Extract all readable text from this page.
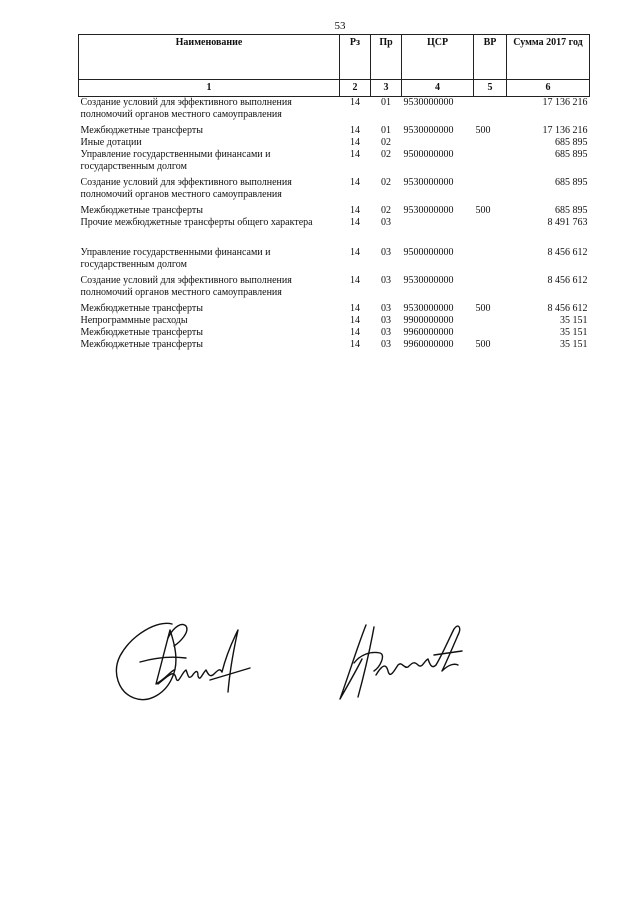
53
Наименование	Рз	Пр	ЦСР	ВР	Сумма 2017 год
1	2	3	4	5	6
Создание условий для эффективного выполнения полномочий органов местного самоуправления	14	01	9530000000		17 136 216

Межбюджетные трансферты	14	01	9530000000	500	17 136 216
Иные дотации	14	02			685 895
Управление государственными финансами и государственным долгом	14	02	9500000000		685 895

Создание условий для эффективного выполнения полномочий органов местного самоуправления	14	02	9530000000		685 895

Межбюджетные трансферты	14	02	9530000000	500	685 895
Прочие межбюджетные трансферты общего характера	14	03			8 491 763

Управление государственными финансами и государственным долгом	14	03	9500000000		8 456 612

Создание условий для эффективного выполнения полномочий органов местного самоуправления	14	03	9530000000		8 456 612

Межбюджетные трансферты	14	03	9530000000	500	8 456 612
Непрограммные расходы	14	03	9900000000		35 151
Межбюджетные трансферты	14	03	9960000000		35 151
Межбюджетные трансферты	14	03	9960000000	500	35 151
